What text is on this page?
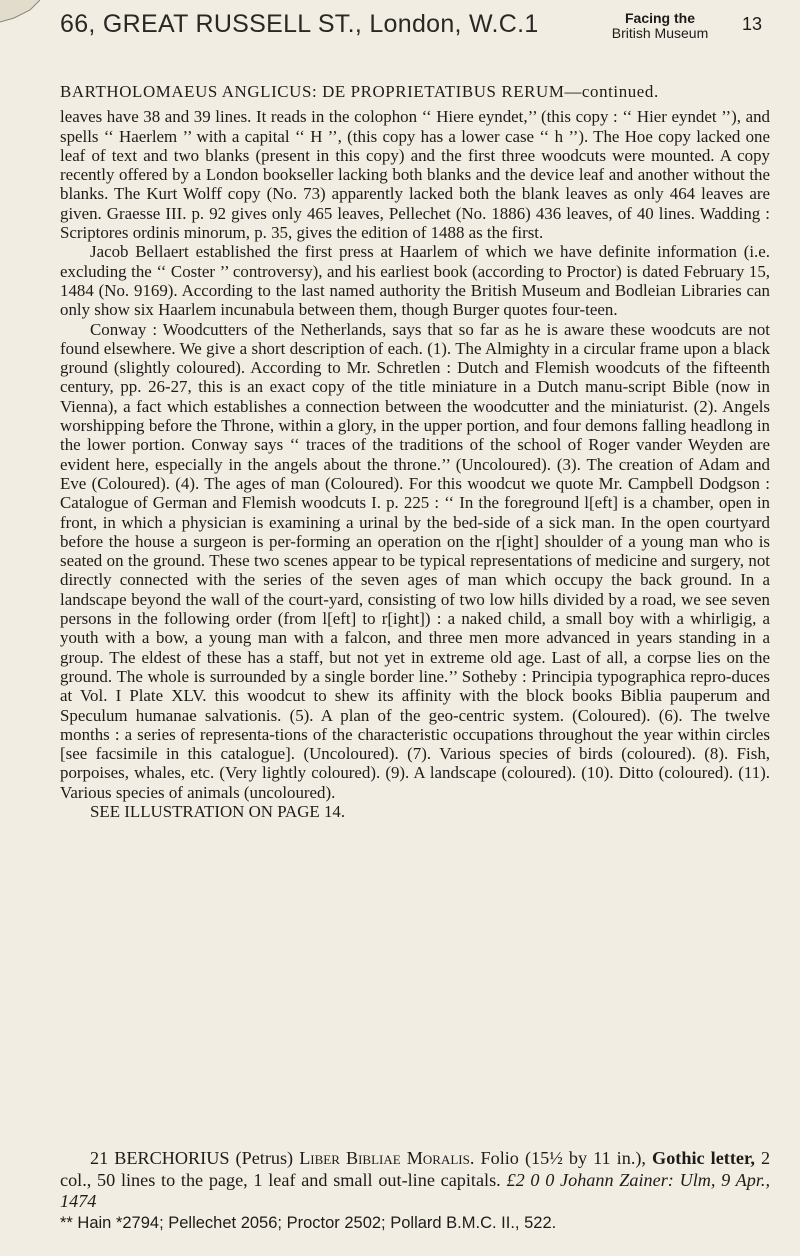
66, GREAT RUSSELL ST., London, W.C.1	Facing the
British Museum	13

BARTHOLOMAEUS ANGLICUS: DE PROPRIETATIBUS RERUM—continued.

leaves have 38 and 39 lines. It reads in the colophon ‘‘ Hiere eyndet,’’ (this copy : ‘‘ Hier eyndet ’’), and spells ‘‘ Haerlem ’’ with a capital ‘‘ H ’’, (this copy has a lower case ‘‘ h ’’). The Hoe copy lacked one leaf of text and two blanks (present in this copy) and the first three woodcuts were mounted. A copy recently offered by a London bookseller lacking both blanks and the device leaf and another without the blanks. The Kurt Wolff copy (No. 73) apparently lacked both the blank leaves as only 464 leaves are given. Graesse III. p. 92 gives only 465 leaves, Pellechet (No. 1886) 436 leaves, of 40 lines. Wadding : Scriptores ordinis minorum, p. 35, gives the edition of 1488 as the first.

Jacob Bellaert established the first press at Haarlem of which we have definite information (i.e. excluding the ‘‘ Coster ’’ controversy), and his earliest book (according to Proctor) is dated February 15, 1484 (No. 9169). According to the last named authority the British Museum and Bodleian Libraries can only show six Haarlem incunabula between them, though Burger quotes four-teen.

Conway : Woodcutters of the Netherlands, says that so far as he is aware these woodcuts are not found elsewhere. We give a short description of each. (1). The Almighty in a circular frame upon a black ground (slightly coloured). According to Mr. Schretlen : Dutch and Flemish woodcuts of the fifteenth century, pp. 26-27, this is an exact copy of the title miniature in a Dutch manu-script Bible (now in Vienna), a fact which establishes a connection between the woodcutter and the miniaturist. (2). Angels worshipping before the Throne, within a glory, in the upper portion, and four demons falling headlong in the lower portion. Conway says ‘‘ traces of the traditions of the school of Roger vander Weyden are evident here, especially in the angels about the throne.’’ (Uncoloured). (3). The creation of Adam and Eve (Coloured). (4). The ages of man (Coloured). For this woodcut we quote Mr. Campbell Dodgson : Catalogue of German and Flemish woodcuts I. p. 225 : ‘‘ In the foreground l[eft] is a chamber, open in front, in which a physician is examining a urinal by the bed-side of a sick man. In the open courtyard before the house a surgeon is per-forming an operation on the r[ight] shoulder of a young man who is seated on the ground. These two scenes appear to be typical representations of medicine and surgery, not directly connected with the series of the seven ages of man which occupy the back ground. In a landscape beyond the wall of the court-yard, consisting of two low hills divided by a road, we see seven persons in the following order (from l[eft] to r[ight]) : a naked child, a small boy with a whirligig, a youth with a bow, a young man with a falcon, and three men more advanced in years standing in a group. The eldest of these has a staff, but not yet in extreme old age. Last of all, a corpse lies on the ground. The whole is surrounded by a single border line.’’ Sotheby : Principia typographica repro-duces at Vol. I Plate XLV. this woodcut to shew its affinity with the block books Biblia pauperum and Speculum humanae salvationis. (5). A plan of the geo-centric system. (Coloured). (6). The twelve months : a series of representa-tions of the characteristic occupations throughout the year within circles [see facsimile in this catalogue]. (Uncoloured). (7). Various species of birds (coloured). (8). Fish, porpoises, whales, etc. (Very lightly coloured). (9). A landscape (coloured). (10). Ditto (coloured). (11). Various species of animals (uncoloured).

SEE ILLUSTRATION ON PAGE 14.

21 BERCHORIUS (Petrus) Liber Bibliae Moralis. Folio (15½ by 11 in.), Gothic letter, 2 col., 50 lines to the page, 1 leaf and small out-line capitals. £2 0 0 Johann Zainer: Ulm, 9 Apr., 1474

** Hain *2794; Pellechet 2056; Proctor 2502; Pollard B.M.C. II., 522.
